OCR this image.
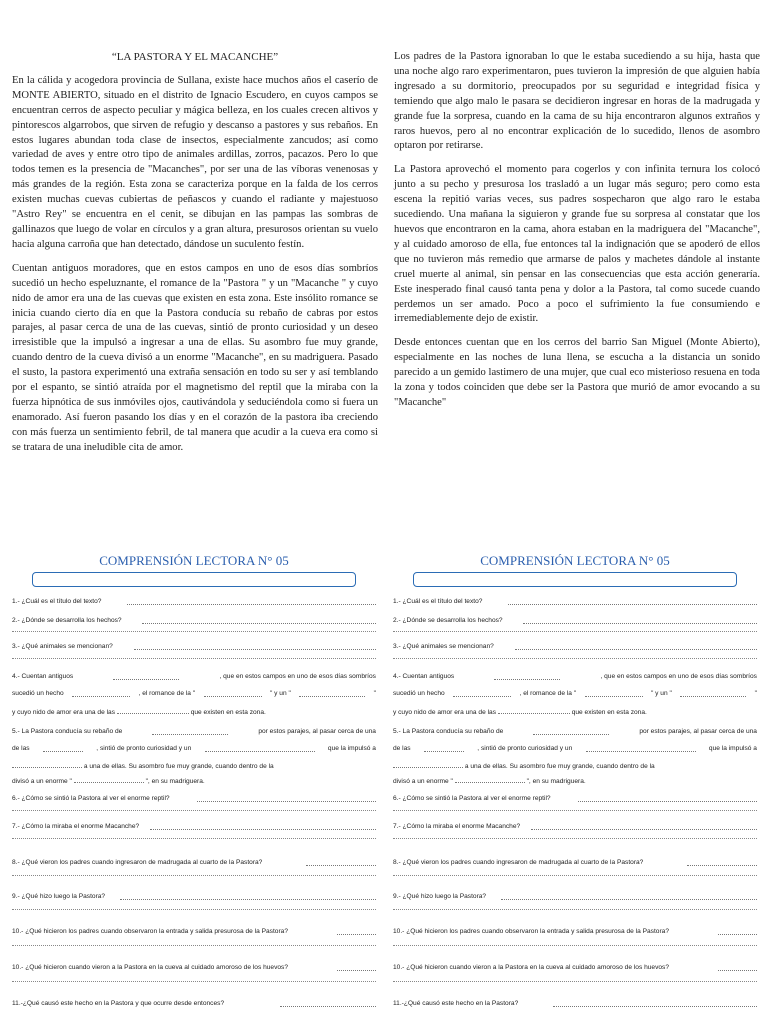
“LA PASTORA Y EL MACANCHE”

En la cálida y acogedora provincia de Sullana, existe hace muchos años el caserío de MONTE ABIERTO, situado en el distrito de Ignacio Escudero, en cuyos campos se encuentran cerros de aspecto peculiar y mágica belleza, en los cuales crecen altivos y pintorescos algarrobos, que sirven de refugio y descanso a pastores y sus rebaños. En estos lugares abundan toda clase de insectos, especialmente zancudos; así como variedad de aves y entre otro tipo de animales ardillas, zorros, pacazos. Pero lo que todos temen es la presencia de "Macanches", por ser una de las víboras venenosas y más grandes de la región. Esta zona se caracteriza porque en la falda de los cerros existen muchas cuevas cubiertas de peñascos y cuando el radiante y majestuoso "Astro Rey" se encuentra en el cenit, se dibujan en las pampas las sombras de gallinazos que luego de volar en círculos y a gran altura, presurosos orientan su vuelo hacia alguna carroña que han detectado, dándose un suculento festín.

Cuentan antiguos moradores, que en estos campos en uno de esos días sombríos sucedió un hecho espeluznante, el romance de la "Pastora " y un "Macanche " y cuyo nido de amor era una de las cuevas que existen en esta zona. Este insólito romance se inicia cuando cierto día en que la Pastora conducía su rebaño de cabras por estos parajes, al pasar cerca de una de las cuevas, sintió de pronto curiosidad y un deseo irresistible que la impulsó a ingresar a una de ellas. Su asombro fue muy grande, cuando dentro de la cueva divisó a un enorme "Macanche", en su madriguera. Pasado el susto, la pastora experimentó una extraña sensación en todo su ser y así temblando por el espanto, se sintió atraída por el magnetismo del reptil que la miraba con la fuerza hipnótica de sus inmóviles ojos, cautivándola y seduciéndola como si fuera un enamorado. Así fueron pasando los días y en el corazón de la pastora iba creciendo con más fuerza un sentimiento febril, de tal manera que acudir a la cueva era como si se tratara de una ineludible cita de amor.

Los padres de la Pastora ignoraban lo que le estaba sucediendo a su hija, hasta que una noche algo raro experimentaron, pues tuvieron la impresión de que alguien había ingresado a su dormitorio, preocupados por su seguridad e integridad física y temiendo que algo malo le pasara se decidieron ingresar en horas de la madrugada y grande fue la sorpresa, cuando en la cama de su hija encontraron algunos extraños y raros huevos, pero al no encontrar explicación de lo sucedido, llenos de asombro optaron por retirarse.

La Pastora aprovechó el momento para cogerlos y con infinita ternura los colocó junto a su pecho y presurosa los trasladó a un lugar más seguro; pero como esta escena la repitió varias veces, sus padres sospecharon que algo raro le estaba sucediendo. Una mañana la siguieron y grande fue su sorpresa al constatar que los huevos que encontraron en la cama, ahora estaban en la madriguera del "Macanche", y al cuidado amoroso de ella, fue entonces tal la indignación que se apoderó de ellos que no tuvieron más remedio que armarse de palos y machetes dándole al instante cruel muerte al animal, sin pensar en las consecuencias que esta acción generaría. Este inesperado final causó tanta pena y dolor a la Pastora, tal como sucede cuando perdemos un ser amado. Poco a poco el sufrimiento la fue consumiendo e irremediablemente dejo de existir.

Desde entonces cuentan que en los cerros del barrio San Miguel (Monte Abierto), especialmente en las noches de luna llena, se escucha a la distancia un sonido parecido a un gemido lastimero de una mujer, que cual eco misterioso resuena en toda la zona y todos coinciden que debe ser la Pastora que murió de amor evocando a su "Macanche"

COMPRENSIÓN LECTORA N° 05
1.- ¿Cuál es el título del texto?
2.- ¿Dónde se desarrolla los hechos?
3.- ¿Qué animales se mencionan?
4.- Cuentan antiguos	, que en estos campos en uno de esos días sombríos
sucedió un hecho	, el romance de la "	" y un "	"
y cuyo nido de amor era una de las	que existen en esta zona.
5.- La Pastora conducía su rebaño de	por estos parajes, al pasar cerca de una
de las	, sintió de pronto curiosidad y un	que la impulsó a
a una de ellas. Su asombro fue muy grande, cuando dentro de la
divisó a un enorme "	", en su madriguera.
6.- ¿Cómo se sintió la Pastora al ver el enorme reptil?
7.- ¿Cómo la miraba el enorme Macanche?
8.- ¿Qué vieron los padres cuando ingresaron de madrugada al cuarto de la Pastora?
9.- ¿Qué hizo luego la Pastora?
10.- ¿Qué hicieron los padres cuando observaron la entrada y salida presurosa de la Pastora?
10.- ¿Qué hicieron cuando vieron a la Pastora en la cueva al cuidado amoroso de los huevos?
11.-¿Qué causó este hecho en la Pastora y que ocurre desde entonces?
COMPRENSIÓN LECTORA N° 05
1.- ¿Cuál es el título del texto?
2.- ¿Dónde se desarrolla los hechos?
3.- ¿Qué animales se mencionan?
4.- Cuentan antiguos	, que en estos campos en uno de esos días sombríos
sucedió un hecho	, el romance de la "	" y un "	"
y cuyo nido de amor era una de las	que existen en esta zona.
5.- La Pastora conducía su rebaño de	por estos parajes, al pasar cerca de una
de las	, sintió de pronto curiosidad y un	que la impulsó a
a una de ellas. Su asombro fue muy grande, cuando dentro de la
divisó a un enorme "	", en su madriguera.
6.- ¿Cómo se sintió la Pastora al ver el enorme reptil?
7.- ¿Cómo la miraba el enorme Macanche?
8.- ¿Qué vieron los padres cuando ingresaron de madrugada al cuarto de la Pastora?
9.- ¿Qué hizo luego la Pastora?
10.- ¿Qué hicieron los padres cuando observaron la entrada y salida presurosa de la Pastora?
10.- ¿Qué hicieron cuando vieron a la Pastora en la cueva al cuidado amoroso de los huevos?
11.-¿Qué causó este hecho en la Pastora?
